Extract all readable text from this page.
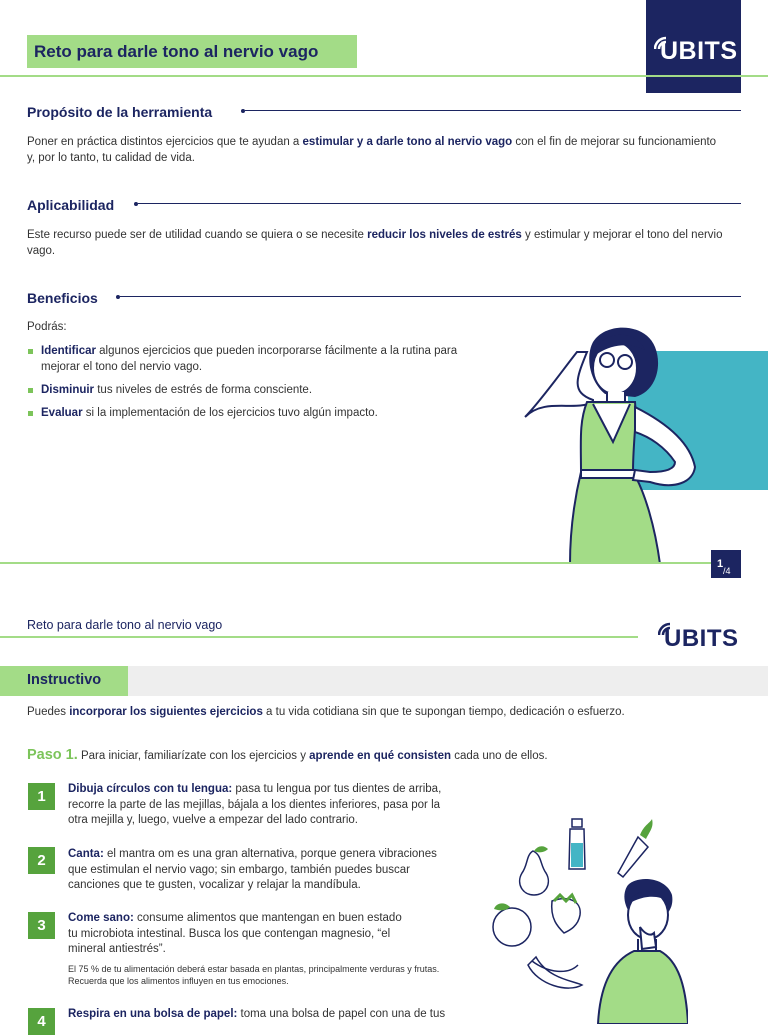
Reto para darle tono al nervio vago	UBITS
Propósito de la herramienta
Poner en práctica distintos ejercicios que te ayudan a estimular y a darle tono al nervio vago con el fin de mejorar su funcionamiento y, por lo tanto, tu calidad de vida.
Aplicabilidad
Este recurso puede ser de utilidad cuando se quiera o se necesite reducir los niveles de estrés y estimular y mejorar el tono del nervio vago.
Beneficios
Podrás:
Identificar algunos ejercicios que pueden incorporarse fácilmente a la rutina para mejorar el tono del nervio vago.
Disminuir tus niveles de estrés de forma consciente.
Evaluar si la implementación de los ejercicios tuvo algún impacto.
1
/4
Reto para darle tono al nervio vago	UBITS
Instructivo
Puedes incorporar los siguientes ejercicios a tu vida cotidiana sin que te supongan tiempo, dedicación o esfuerzo.
Paso 1. Para iniciar, familiarízate con los ejercicios y aprende en qué consisten cada uno de ellos.
1	Dibuja círculos con tu lengua: pasa tu lengua por tus dientes de arriba, recorre la parte de las mejillas, bájala a los dientes inferiores, pasa por la otra mejilla y, luego, vuelve a empezar del lado contrario.
2	Canta: el mantra om es una gran alternativa, porque genera vibraciones que estimulan el nervio vago; sin embargo, también puedes buscar canciones que te gusten, vocalizar y relajar la mandíbula.
3	Come sano: consume alimentos que mantengan en buen estado tu microbiota intestinal. Busca los que contengan magnesio, “el mineral antiestrés”.
El 75 % de tu alimentación deberá estar basada en plantas, principalmente verduras y frutas. Recuerda que los alimentos influyen en tus emociones.
4	Respira en una bolsa de papel: toma una bolsa de papel con una de tus
